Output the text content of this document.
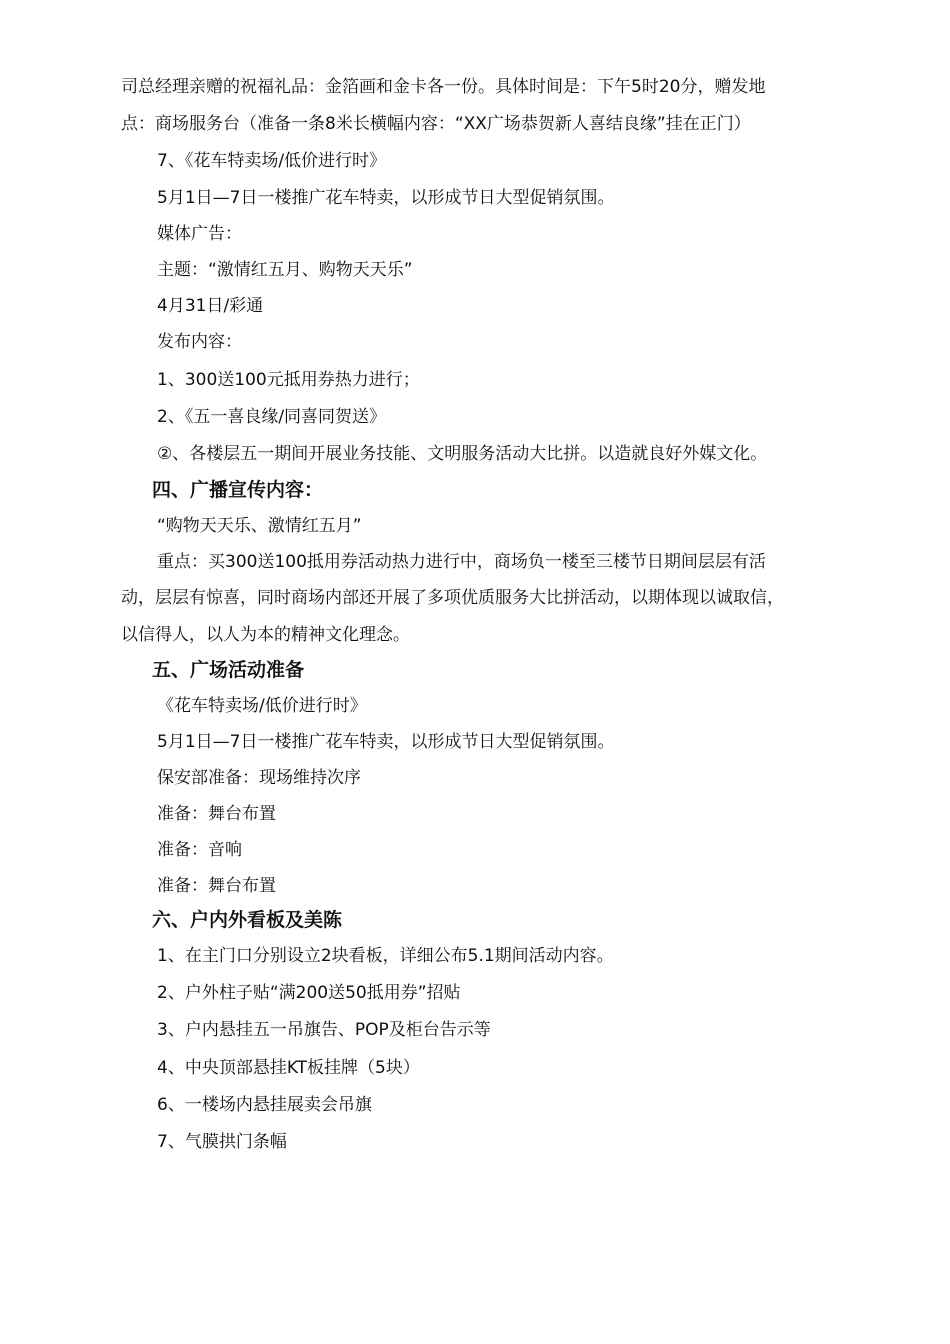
司总经理亲赠的祝福礼品：金箔画和金卡各一份。具体时间是：下午5时20分，赠发地
点：商场服务台（准备一条8米长横幅内容：“XX广场恭贺新人喜结良缘”挂在正门）
7、《花车特卖场/低价进行时》
5月1日—7日一楼推广花车特卖，以形成节日大型促销氛围。
媒体广告：
主题：“激情红五月、购物天天乐”
4月31日/彩通
发布内容：
1、300送100元抵用券热力进行；
2、《五一喜良缘/同喜同贺送》
②、各楼层五一期间开展业务技能、文明服务活动大比拼。以造就良好外媒文化。
四、广播宣传内容：
“购物天天乐、激情红五月”
重点：买300送100抵用券活动热力进行中，商场负一楼至三楼节日期间层层有活
动，层层有惊喜，同时商场内部还开展了多项优质服务大比拼活动，以期体现以诚取信，
以信得人，以人为本的精神文化理念。
五、广场活动准备
《花车特卖场/低价进行时》
5月1日—7日一楼推广花车特卖，以形成节日大型促销氛围。
保安部准备：现场维持次序
准备：舞台布置
准备：音响
准备：舞台布置
六、户内外看板及美陈
1、在主门口分别设立2块看板，详细公布5.1期间活动内容。
2、户外柱子贴“满200送50抵用券”招贴
3、户内悬挂五一吊旗告、POP及柜台告示等
4、中央顶部悬挂KT板挂牌（5块）
6、一楼场内悬挂展卖会吊旗
7、气膜拱门条幅
